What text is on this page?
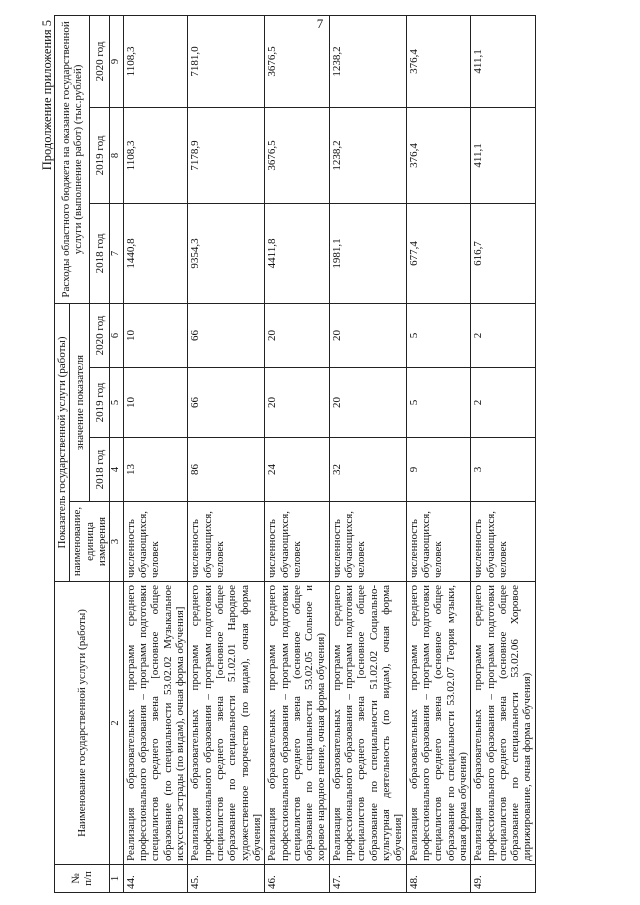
7
Продолжение приложения 5
№ п/п	Наименование государственной услуги (работы)	Показатель государственной услуги (работы)				Расходы областного бюджета на оказание государственной услуги (выполнение работ) (тыс.рублей)		
		наименование, единица измерения	значение показателя					
			2018 год	2019 год	2020 год	2018 год	2019 год	2020 год
1	2	3	4	5	6	7	8	9
44.	Реализация образовательных программ среднего профессионального образования – программ подготовки специалистов среднего звена [основное общее образование (по специальности 53.02.02 Музыкальное искусство эстрады (по видам), очная форма обучения]	численность обучающихся, человек	13	10	10	1440,8	1108,3	1108,3
45.	Реализация образовательных программ среднего профессионального образования – программ подготовки специалистов среднего звена [основное общее образование по специальности 51.02.01 Народное художественное творчество (по видам), очная форма обучения]	численность обучающихся, человек	86	66	66	9354,3	7178,9	7181,0
46.	Реализация образовательных программ среднего профессионального образования – программ подготовки специалистов среднего звена (основное общее образование по специальности 53.02.05 Сольное и хоровое народное пение, очная форма обучения)	численность обучающихся, человек	24	20	20	4411,8	3676,5	3676,5
47.	Реализация образовательных программ среднего профессионального образования – программ подготовки специалистов среднего звена [основное общее образование по специальности 51.02.02 Социально-культурная деятельность (по видам), очная форма обучения]	численность обучающихся, человек	32	20	20	1981,1	1238,2	1238,2
48.	Реализация образовательных программ среднего профессионального образования – программ подготовки специалистов среднего звена (основное общее образование по специальности 53.02.07 Теория музыки, очная форма обучения)	численность обучающихся, человек	9	5	5	677,4	376,4	376,4
49.	Реализация образовательных программ среднего профессионального образования – программ подготовки специалистов среднего звена (основное общее образование по специальности 53.02.06 Хоровое дирижирование, очная форма обучения)	численность обучающихся, человек	3	2	2	616,7	411,1	411,1
